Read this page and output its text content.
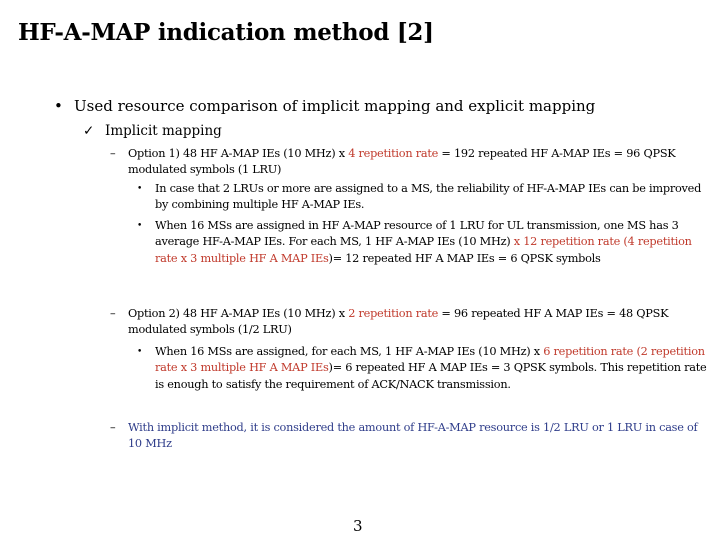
HF-A-MAP indication method [2]
• Used resource comparison of implicit mapping and explicit mapping
✓ Implicit mapping
– Option 1) 48 HF A-MAP IEs (10 MHz) x 4 repetition rate = 192 repeated HF A-MAP IEs = 96 QPSK modulated symbols (1 LRU)
• In case that 2 LRUs or more are assigned to a MS, the reliability of HF-A-MAP IEs can be improved by combining multiple HF A-MAP IEs.
• When 16 MSs are assigned in HF A-MAP resource of 1 LRU for UL transmission, one MS has 3 average HF-A-MAP IEs. For each MS, 1 HF A-MAP IEs (10 MHz) x 12 repetition rate (4 repetition rate x 3 multiple HF A MAP IEs)= 12 repeated HF A MAP IEs = 6 QPSK symbols
– Option 2) 48 HF A-MAP IEs (10 MHz) x 2 repetition rate = 96 repeated HF A MAP IEs = 48 QPSK modulated symbols (1/2 LRU)
• When 16 MSs are assigned, for each MS, 1 HF A-MAP IEs (10 MHz) x 6 repetition rate (2 repetition rate x 3 multiple HF A MAP IEs)= 6 repeated HF A MAP IEs = 3 QPSK symbols. This repetition rate is enough to satisfy the requirement of ACK/NACK transmission.
– With implicit method, it is considered the amount of HF-A-MAP resource is 1/2 LRU or 1 LRU in case of 10 MHz
3
